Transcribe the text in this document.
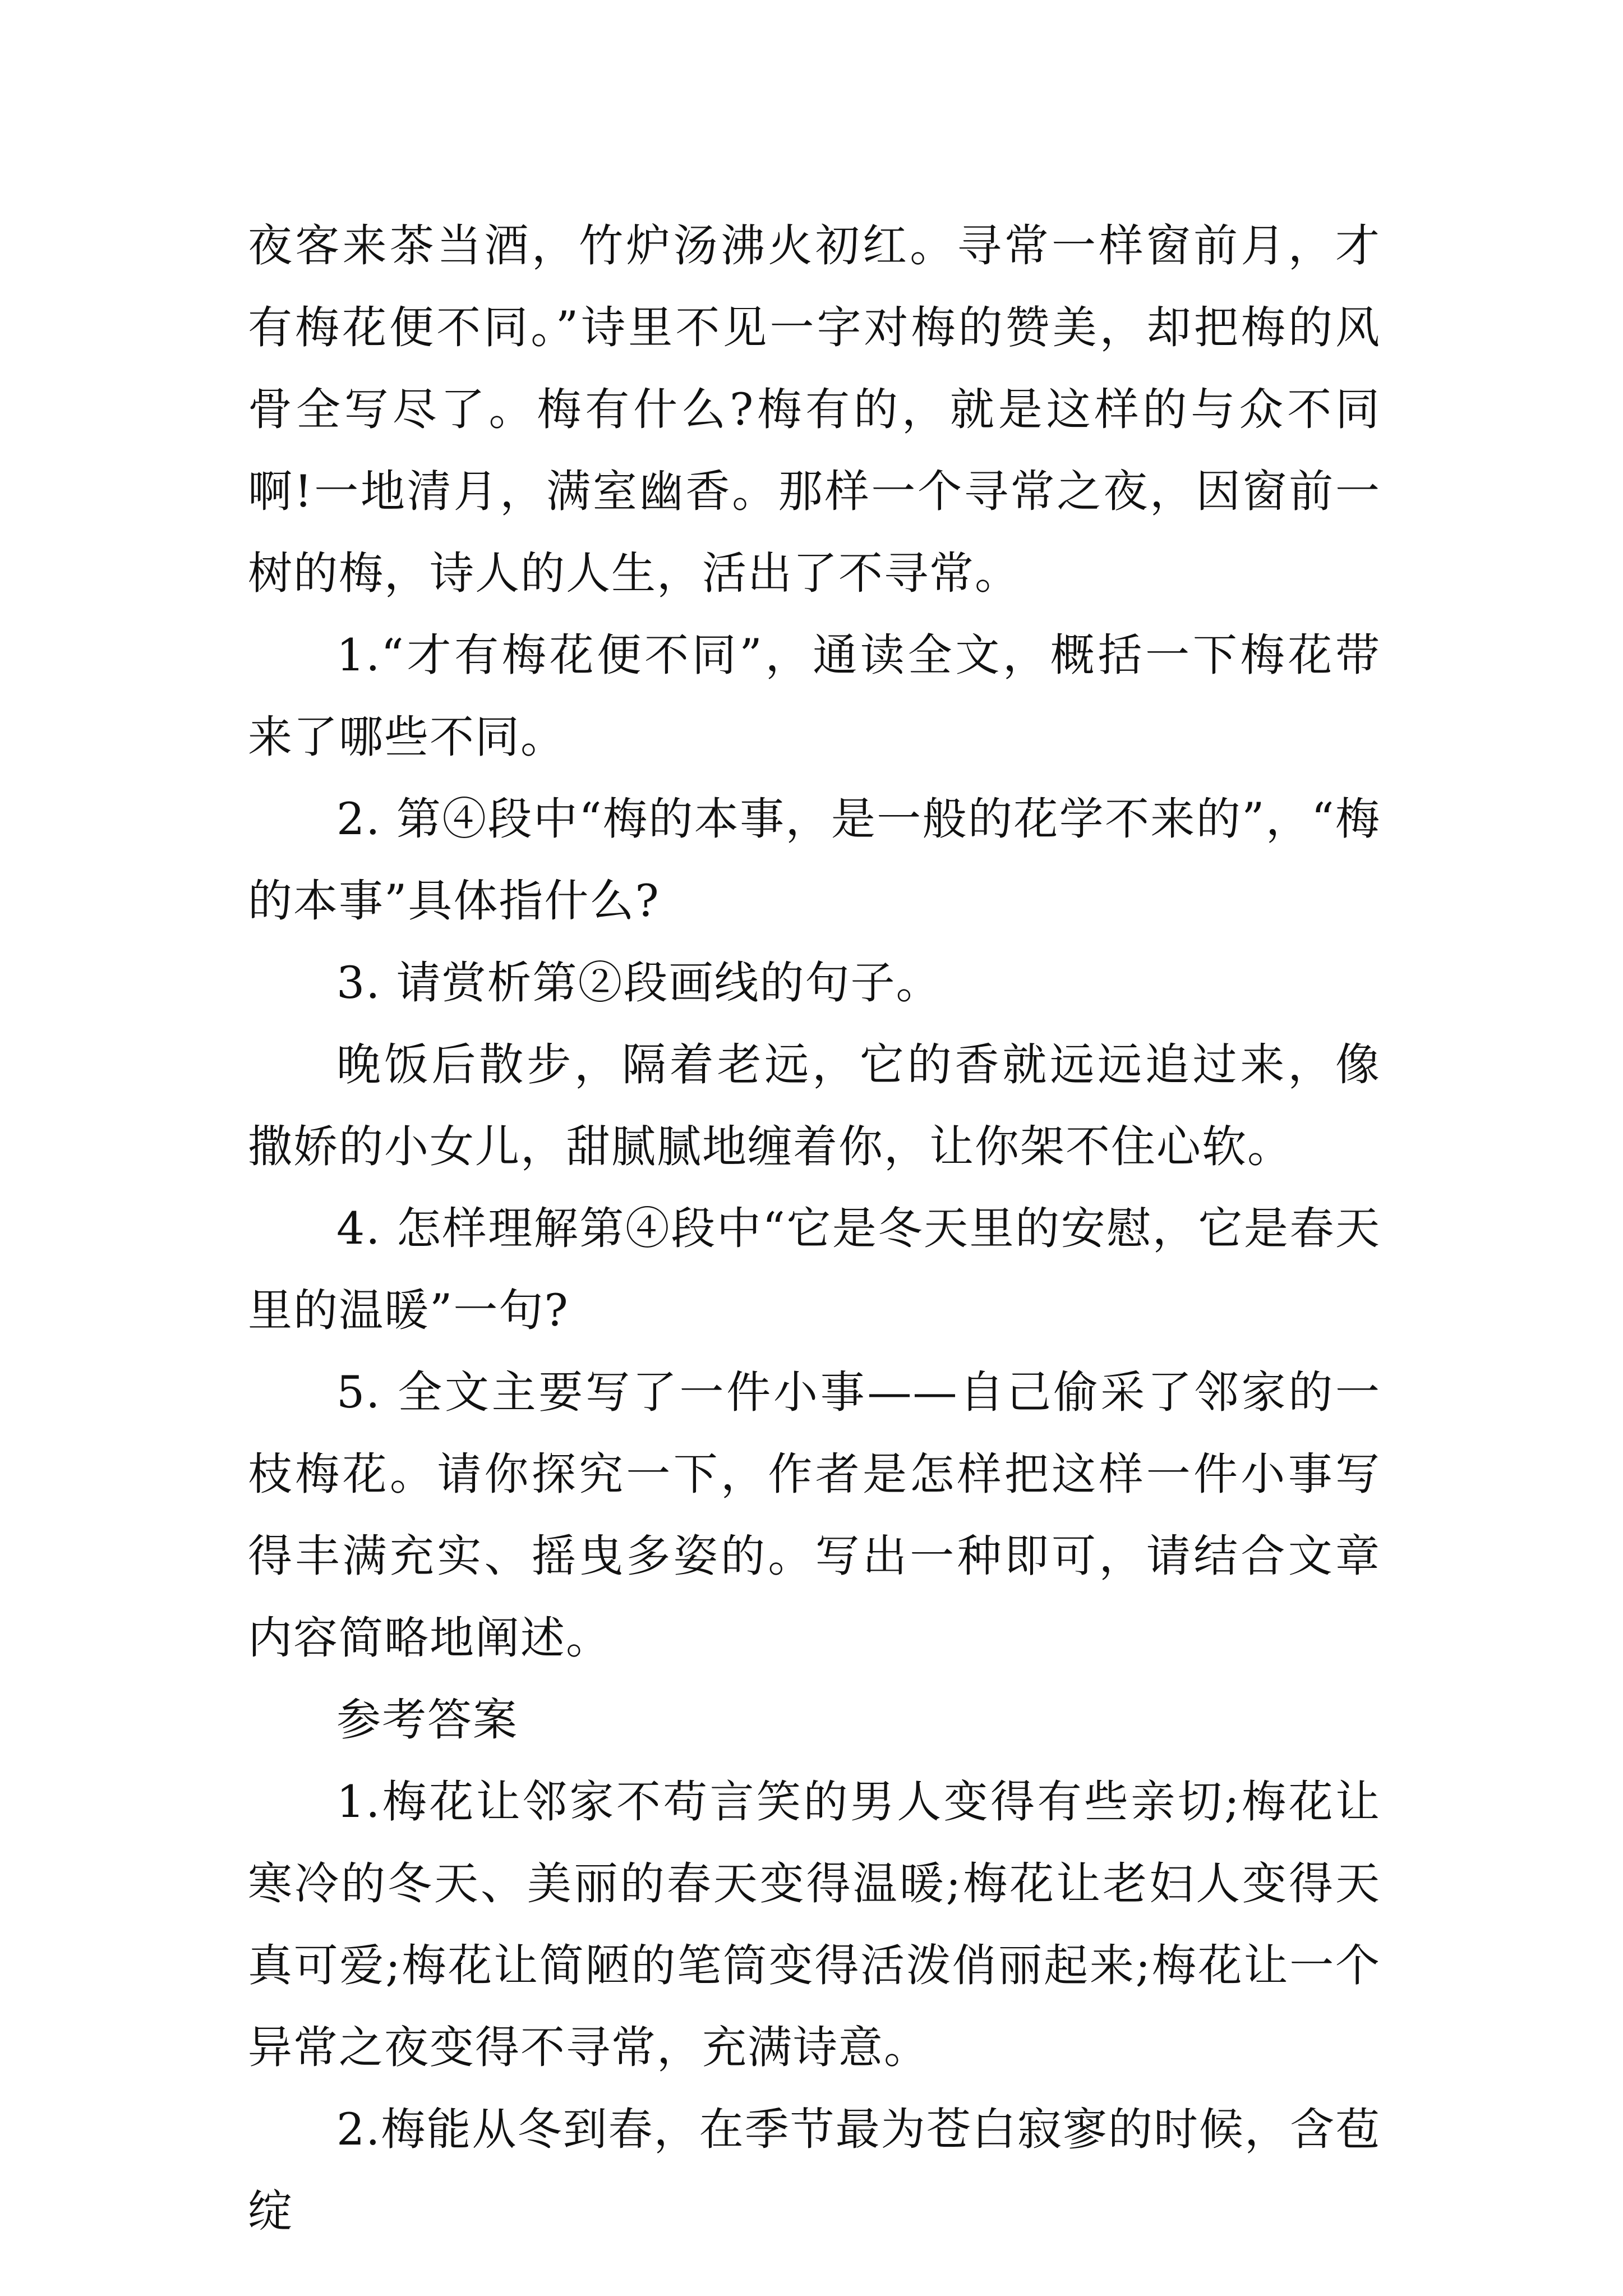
夜客来茶当酒，竹炉汤沸火初红。寻常一样窗前月，才有梅花便不同。”诗里不见一字对梅的赞美，却把梅的风骨全写尽了。梅有什么?梅有的，就是这样的与众不同啊!一地清月，满室幽香。那样一个寻常之夜，因窗前一树的梅，诗人的人生，活出了不寻常。

1.“才有梅花便不同”，通读全文，概括一下梅花带来了哪些不同。

2. 第④段中“梅的本事，是一般的花学不来的”，“梅的本事”具体指什么?

3. 请赏析第②段画线的句子。

晚饭后散步，隔着老远，它的香就远远追过来，像撒娇的小女儿，甜腻腻地缠着你，让你架不住心软。

4. 怎样理解第④段中“它是冬天里的安慰，它是春天里的温暖”一句?

5. 全文主要写了一件小事——自己偷采了邻家的一枝梅花。请你探究一下，作者是怎样把这样一件小事写得丰满充实、摇曳多姿的。写出一种即可，请结合文章内容简略地阐述。

参考答案

1.梅花让邻家不苟言笑的男人变得有些亲切;梅花让寒冷的冬天、美丽的春天变得温暖;梅花让老妇人变得天真可爱;梅花让简陋的笔筒变得活泼俏丽起来;梅花让一个异常之夜变得不寻常，充满诗意。

2.梅能从冬到春，在季节最为苍白寂寥的时候，含苞绽
